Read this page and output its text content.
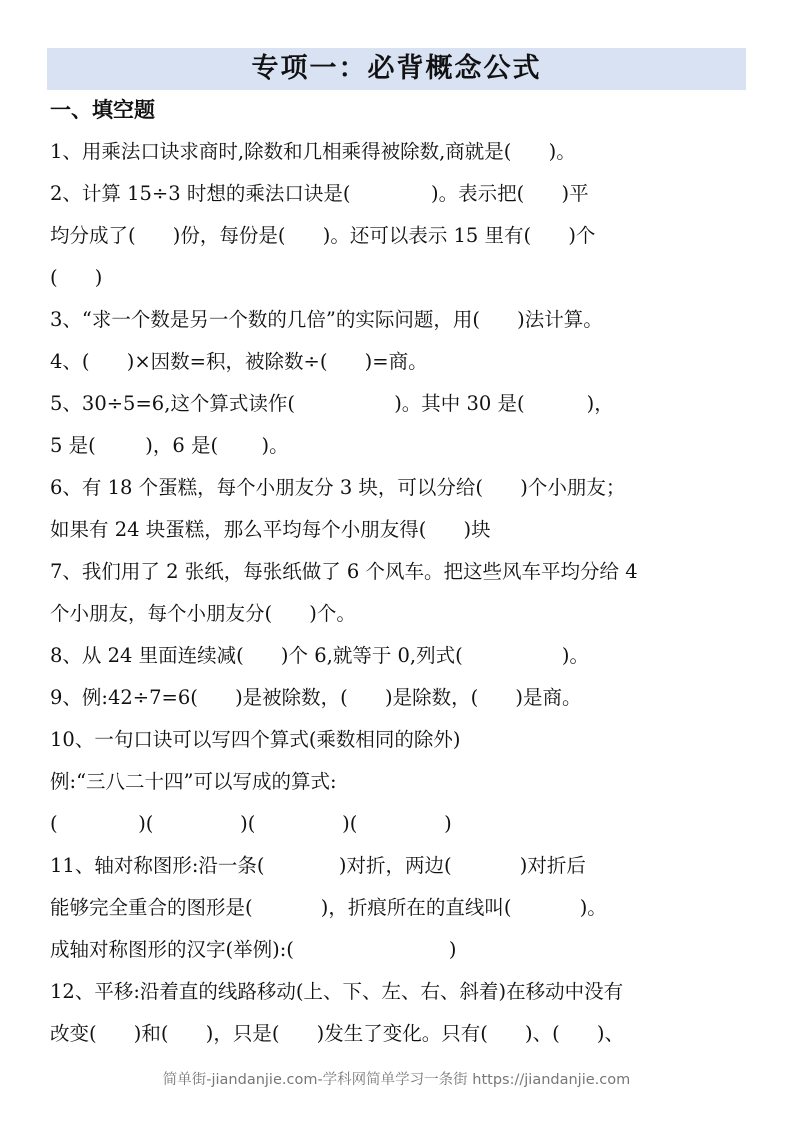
专项一：必背概念公式
一、填空题
1、用乘法口诀求商时,除数和几相乘得被除数,商就是(      )。
2、计算 15÷3 时想的乘法口诀是(             )。表示把(      )平
均分成了(      )份，每份是(      )。还可以表示 15 里有(      )个
(      )
3、“求一个数是另一个数的几倍”的实际问题，用(      )法计算。
4、(      )×因数=积，被除数÷(      )=商。
5、30÷5=6,这个算式读作(                )。其中 30 是(          )，
5 是(        )，6 是(       )。
6、有 18 个蛋糕，每个小朋友分 3 块，可以分给(      )个小朋友；
如果有 24 块蛋糕，那么平均每个小朋友得(      )块
7、我们用了 2 张纸，每张纸做了 6 个风车。把这些风车平均分给 4
个小朋友，每个小朋友分(      )个。
8、从 24 里面连续减(      )个 6,就等于 0,列式(                )。
9、例:42÷7=6(      )是被除数，(      )是除数，(      )是商。
10、一句口诀可以写四个算式(乘数相同的除外)
例:“三八二十四”可以写成的算式:
(             )(              )(              )(              )
11、轴对称图形:沿一条(            )对折，两边(           )对折后
能够完全重合的图形是(           )，折痕所在的直线叫(           )。
成轴对称图形的汉字(举例):(                         )
12、平移:沿着直的线路移动(上、下、左、右、斜着)在移动中没有
改变(      )和(      )，只是(      )发生了变化。只有(      )、(      )、
简单街-jiandanjie.com-学科网简单学习一条街 https://jiandanjie.com
